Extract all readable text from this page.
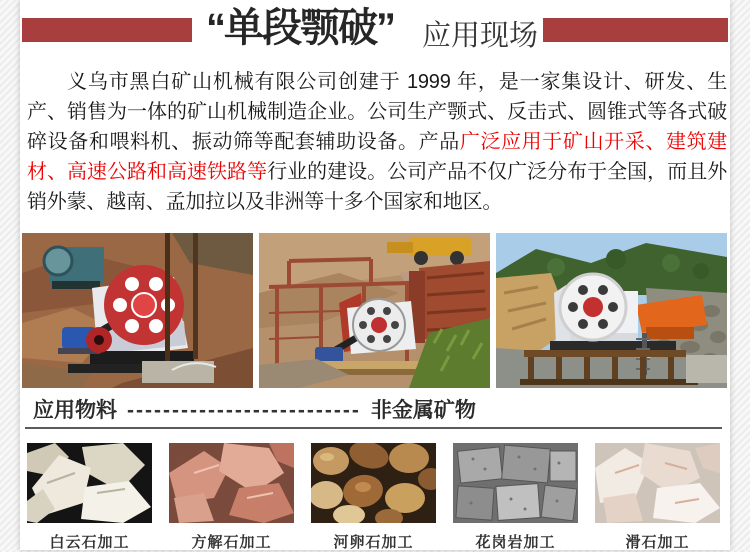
“单段颚破” 应用现场

义乌市黑白矿山机械有限公司创建于 1999 年，是一家集设计、研发、生产、销售为一体的矿山机械制造企业。公司生产颚式、反击式、圆锥式等各式破碎设备和喂料机、振动筛等配套辅助设备。产品广泛应用于矿山开采、建筑建材、高速公路和高速铁路等行业的建设。公司产品不仅广泛分布于全国，而且外销外蒙、越南、孟加拉以及非洲等十多个国家和地区。

应用物料 -------------------------- 非金属矿物
白云石加工	方解石加工	河卵石加工	花岗岩加工	滑石加工
